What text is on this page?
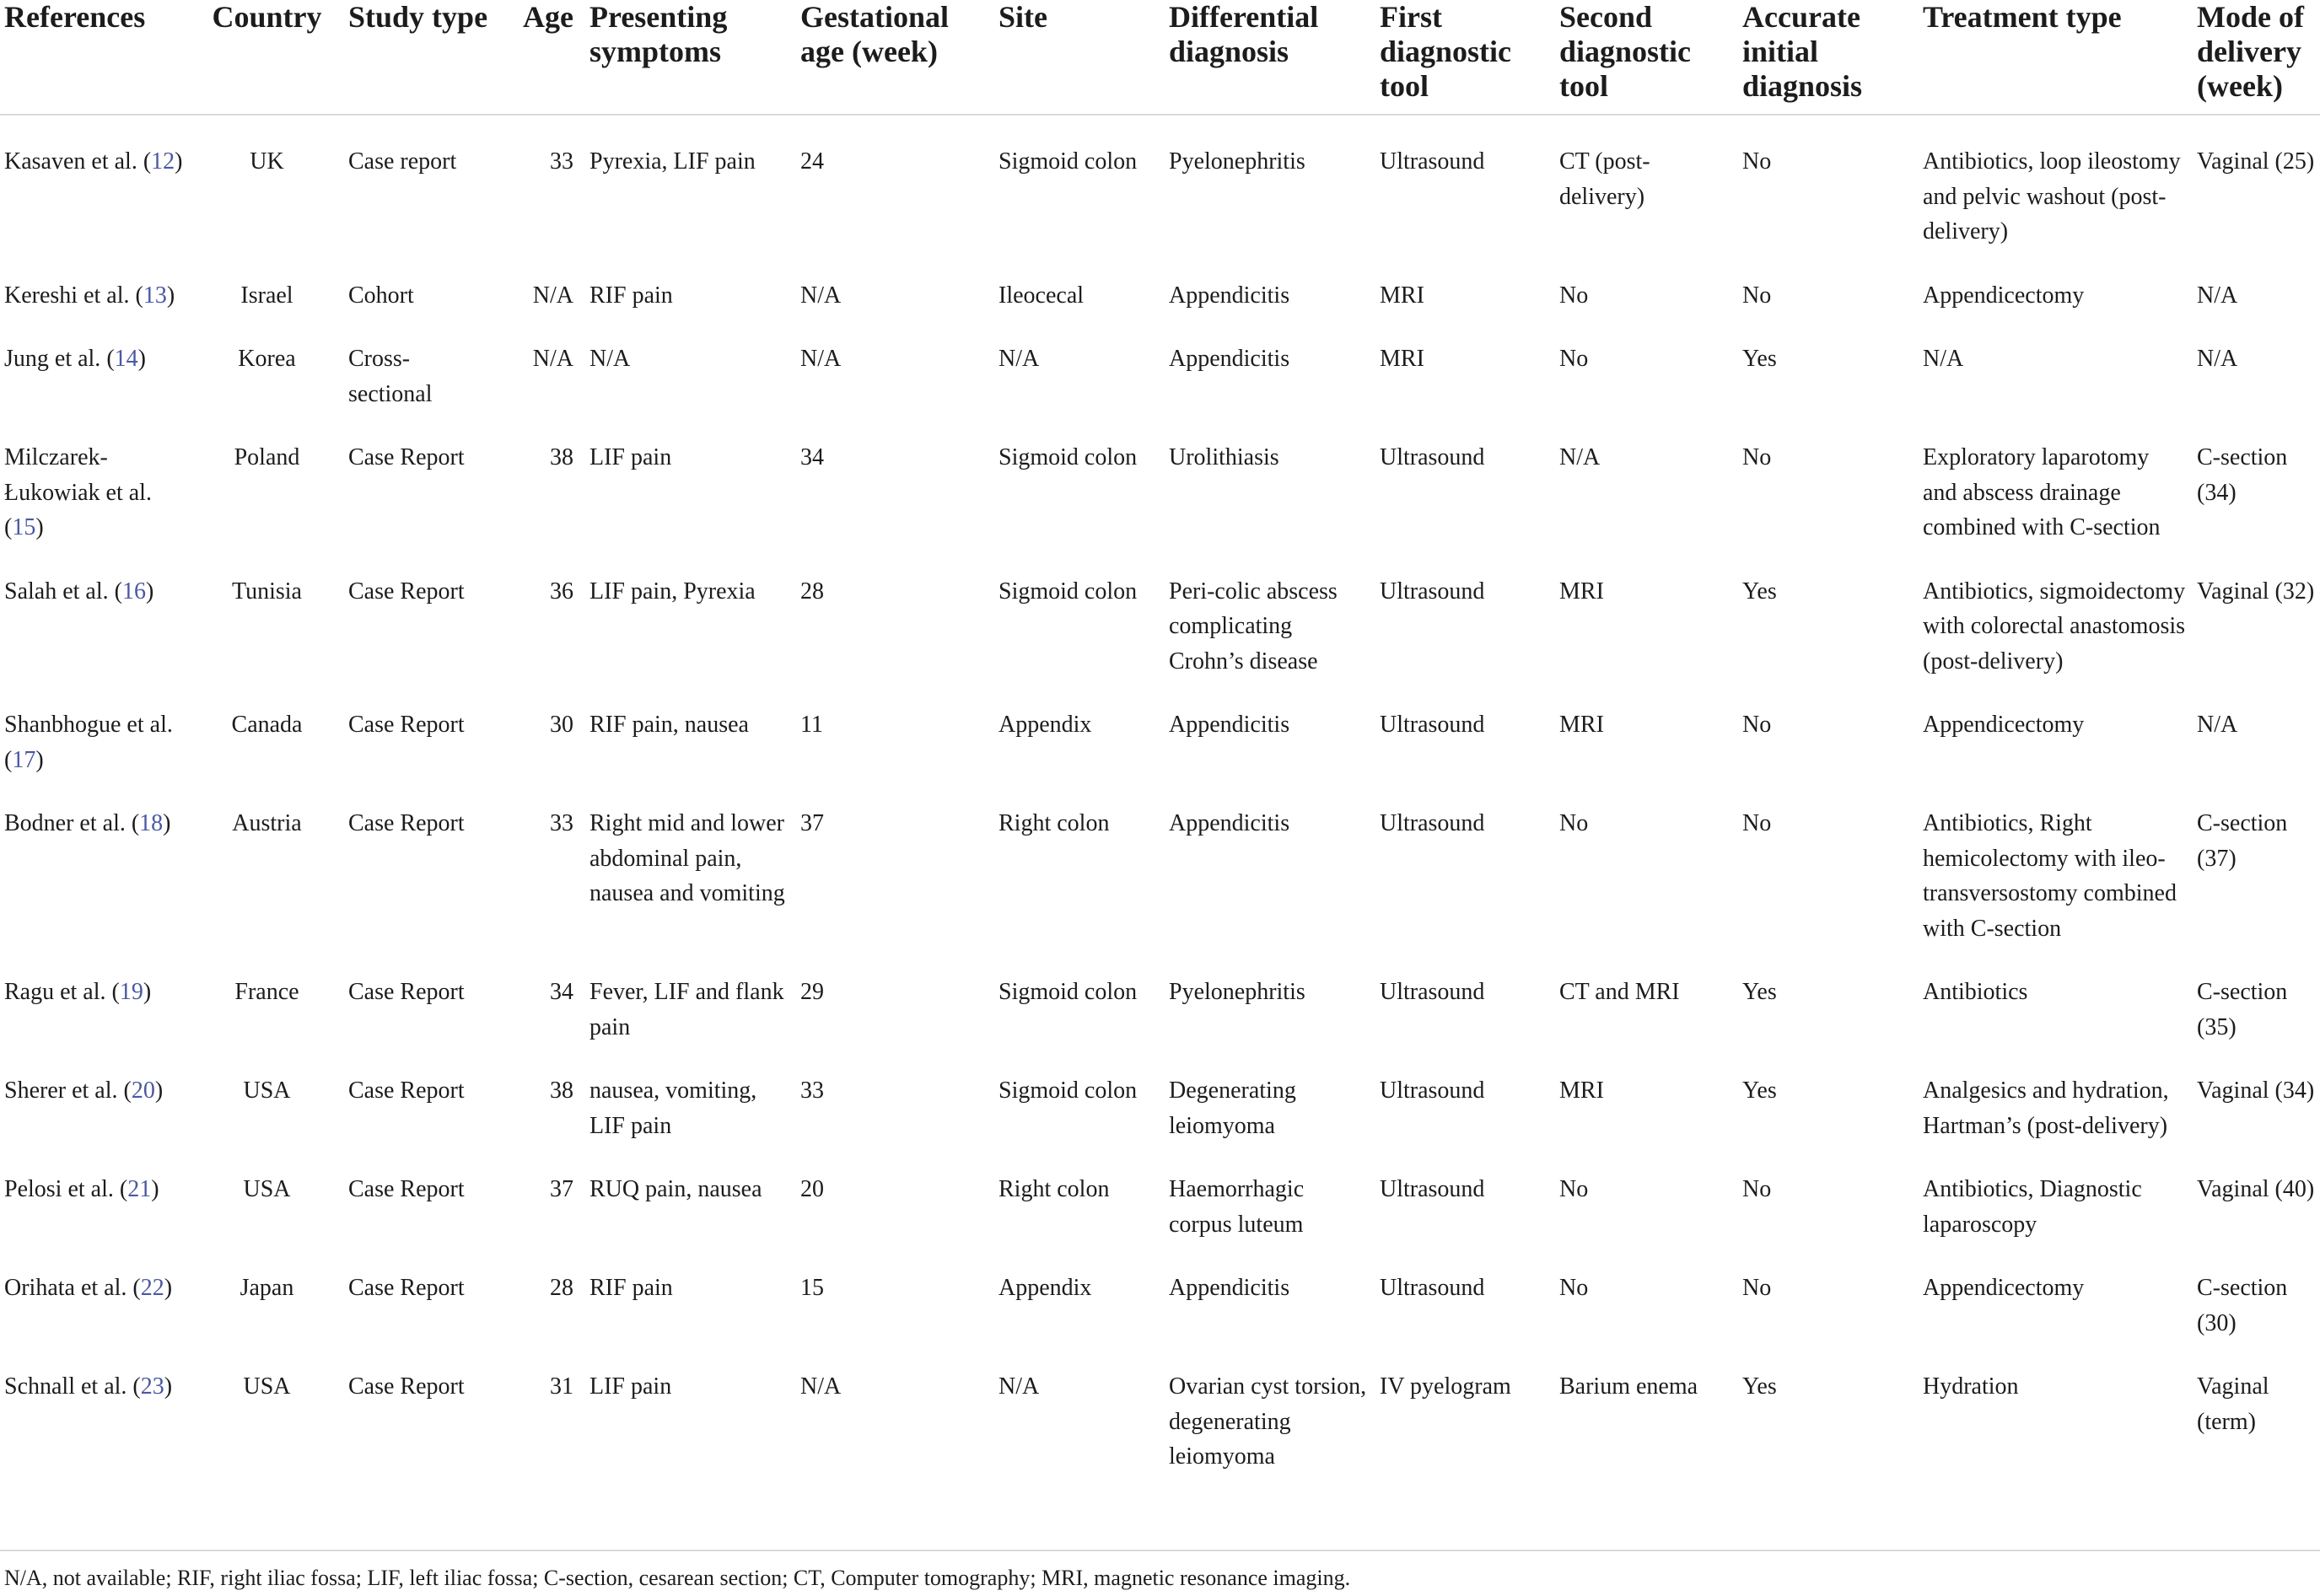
References	Country	Study type	Age	Presenting symptoms	Gestational age (week)	Site	Differential diagnosis	First diagnostic tool	Second diagnostic tool	Accurate initial diagnosis	Treatment type	Mode of delivery (week)
Kasaven et al. (12)	UK	Case report	33	Pyrexia, LIF pain	24	Sigmoid colon	Pyelonephritis	Ultrasound	CT (post-delivery)	No	Antibiotics, loop ileostomy and pelvic washout (post-delivery)	Vaginal (25)
Kereshi et al. (13)	Israel	Cohort	N/A	RIF pain	N/A	Ileocecal	Appendicitis	MRI	No	No	Appendicectomy	N/A
Jung et al. (14)	Korea	Cross-sectional	N/A	N/A	N/A	N/A	Appendicitis	MRI	No	Yes	N/A	N/A
Milczarek-Łukowiak et al. (15)	Poland	Case Report	38	LIF pain	34	Sigmoid colon	Urolithiasis	Ultrasound	N/A	No	Exploratory laparotomy and abscess drainage combined with C-section	C-section (34)
Salah et al. (16)	Tunisia	Case Report	36	LIF pain, Pyrexia	28	Sigmoid colon	Peri-colic abscess complicating Crohn’s disease	Ultrasound	MRI	Yes	Antibiotics, sigmoidectomy with colorectal anastomosis (post-delivery)	Vaginal (32)
Shanbhogue et al. (17)	Canada	Case Report	30	RIF pain, nausea	11	Appendix	Appendicitis	Ultrasound	MRI	No	Appendicectomy	N/A
Bodner et al. (18)	Austria	Case Report	33	Right mid and lower abdominal pain, nausea and vomiting	37	Right colon	Appendicitis	Ultrasound	No	No	Antibiotics, Right hemicolectomy with ileo-transversostomy combined with C-section	C-section (37)
Ragu et al. (19)	France	Case Report	34	Fever, LIF and flank pain	29	Sigmoid colon	Pyelonephritis	Ultrasound	CT and MRI	Yes	Antibiotics	C-section (35)
Sherer et al. (20)	USA	Case Report	38	nausea, vomiting, LIF pain	33	Sigmoid colon	Degenerating leiomyoma	Ultrasound	MRI	Yes	Analgesics and hydration, Hartman’s (post-delivery)	Vaginal (34)
Pelosi et al. (21)	USA	Case Report	37	RUQ pain, nausea	20	Right colon	Haemorrhagic corpus luteum	Ultrasound	No	No	Antibiotics, Diagnostic laparoscopy	Vaginal (40)
Orihata et al. (22)	Japan	Case Report	28	RIF pain	15	Appendix	Appendicitis	Ultrasound	No	No	Appendicectomy	C-section (30)
Schnall et al. (23)	USA	Case Report	31	LIF pain	N/A	N/A	Ovarian cyst torsion, degenerating leiomyoma	IV pyelogram	Barium enema	Yes	Hydration	Vaginal (term)
N/A, not available; RIF, right iliac fossa; LIF, left iliac fossa; C-section, cesarean section; CT, Computer tomography; MRI, magnetic resonance imaging.
